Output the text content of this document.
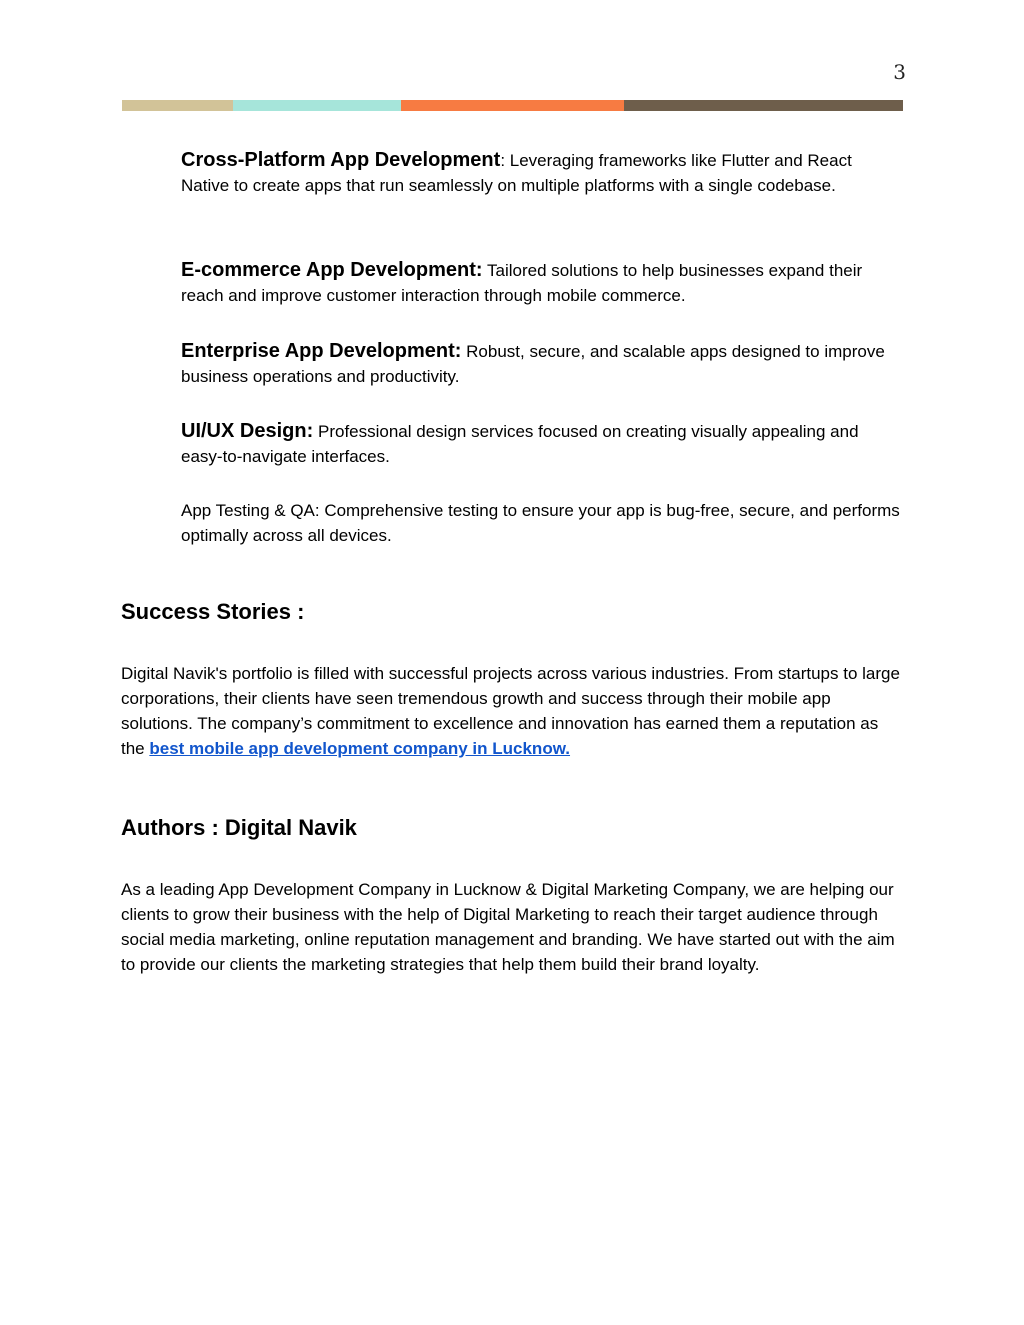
3
Cross-Platform App Development: Leveraging frameworks like Flutter and React Native to create apps that run seamlessly on multiple platforms with a single codebase.
E-commerce App Development: Tailored solutions to help businesses expand their reach and improve customer interaction through mobile commerce.
Enterprise App Development: Robust, secure, and scalable apps designed to improve business operations and productivity.
UI/UX Design: Professional design services focused on creating visually appealing and easy-to-navigate interfaces.
App Testing & QA: Comprehensive testing to ensure your app is bug-free, secure, and performs optimally across all devices.
Success Stories :
Digital Navik's portfolio is filled with successful projects across various industries. From startups to large corporations, their clients have seen tremendous growth and success through their mobile app solutions. The company’s commitment to excellence and innovation has earned them a reputation as the best mobile app development company in Lucknow.
Authors : Digital Navik
As a leading App Development Company in Lucknow & Digital Marketing Company, we are helping our clients to grow their business with the help of Digital Marketing to reach their target audience through social media marketing, online reputation management and branding. We have started out with the aim to provide our clients the marketing strategies that help them build their brand loyalty.
